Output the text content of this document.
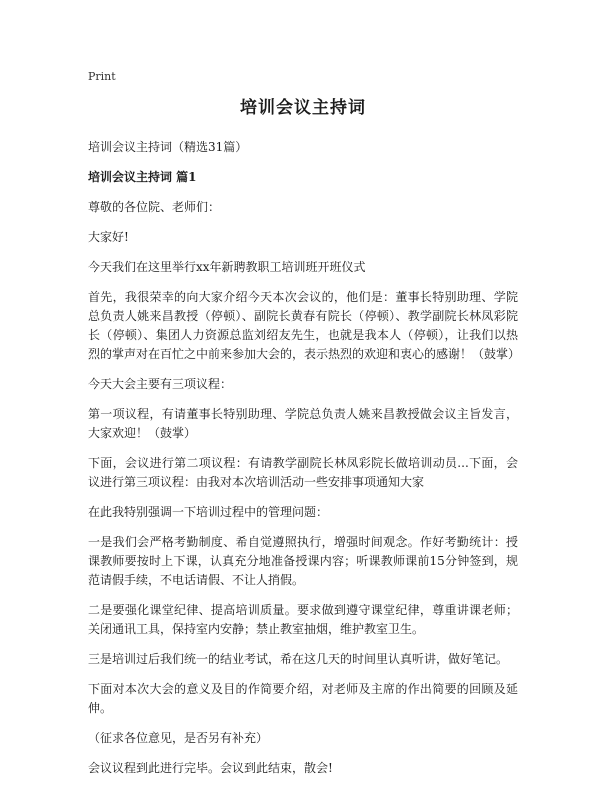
Print
培训会议主持词
培训会议主持词（精选31篇）
培训会议主持词 篇1

尊敬的各位院、老师们：

大家好!

今天我们在这里举行xx年新聘教职工培训班开班仪式

首先，我很荣幸的向大家介绍今天本次会议的，他们是：董事长特别助理、学院总负责人姚来昌教授（停顿）、副院长黄春有院长（停顿）、教学副院长林凤彩院长（停顿）、集团人力资源总监刘绍友先生，也就是我本人（停顿），让我们以热烈的掌声对在百忙之中前来参加大会的，表示热烈的欢迎和衷心的感谢！（鼓掌）

今天大会主要有三项议程：

第一项议程，有请董事长特别助理、学院总负责人姚来昌教授做会议主旨发言，大家欢迎！（鼓掌）

下面，会议进行第二项议程：有请教学副院长林凤彩院长做培训动员...下面，会议进行第三项议程：由我对本次培训活动一些安排事项通知大家

在此我特别强调一下培训过程中的管理问题：

一是我们会严格考勤制度、希自觉遵照执行，增强时间观念。作好考勤统计：授课教师要按时上下课，认真充分地准备授课内容；听课教师课前15分钟签到，规范请假手续，不电话请假、不让人捎假。

二是要强化课堂纪律、提高培训质量。要求做到遵守课堂纪律，尊重讲课老师；关闭通讯工具，保持室内安静；禁止教室抽烟，维护教室卫生。

三是培训过后我们统一的结业考试，希在这几天的时间里认真听讲，做好笔记。

下面对本次大会的意义及目的作简要介绍，对老师及主席的作出简要的回顾及延伸。

（征求各位意见，是否另有补充）

会议议程到此进行完毕。会议到此结束，散会!
